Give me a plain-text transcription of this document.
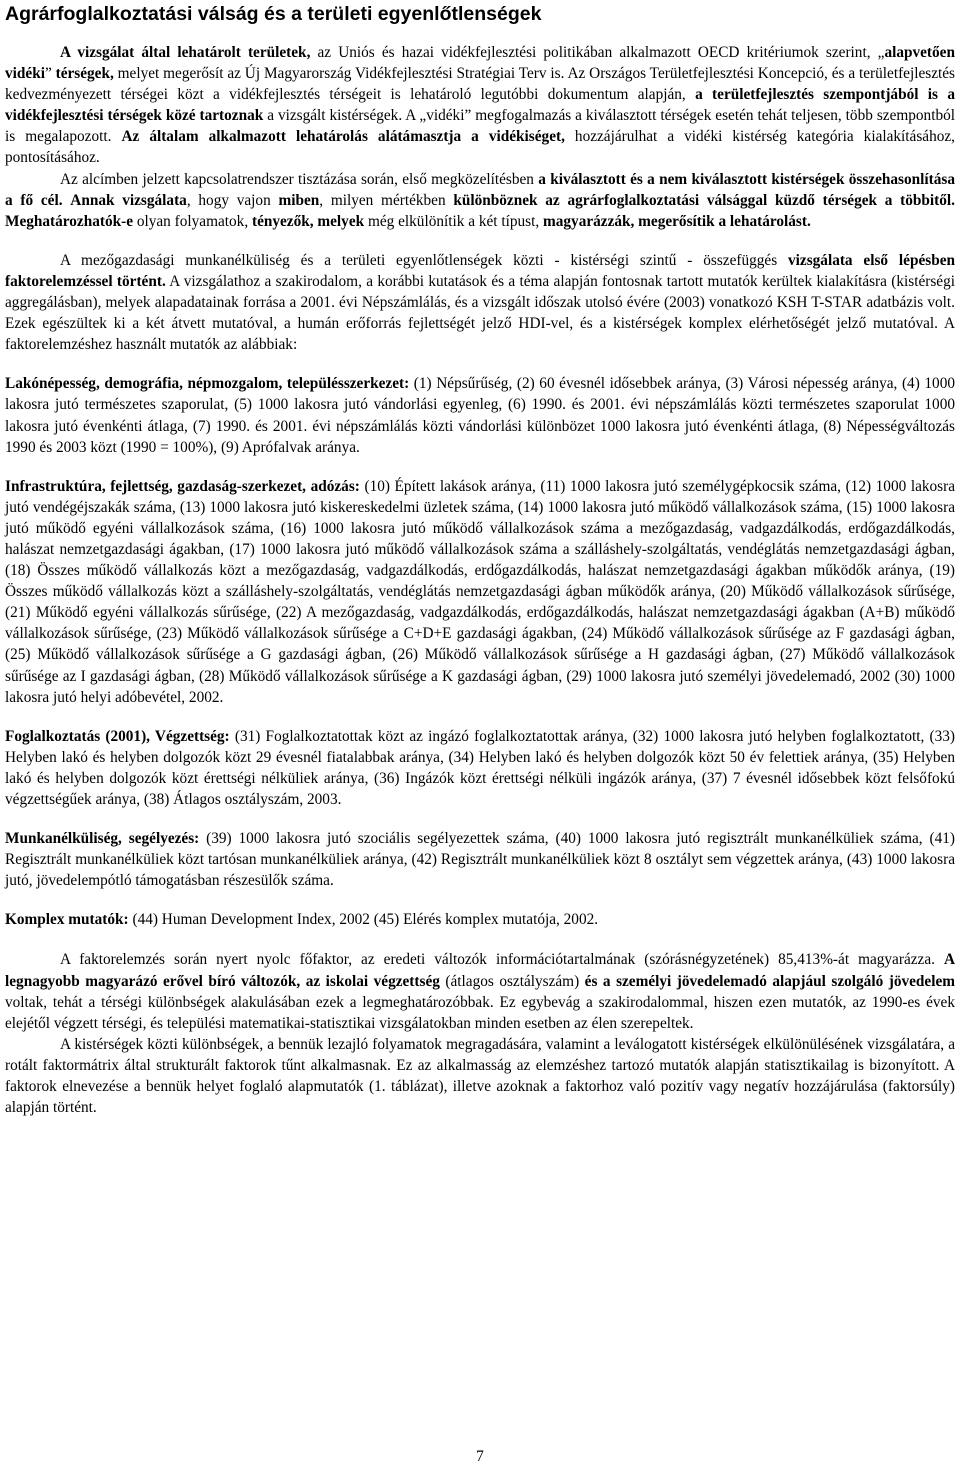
Agrárfoglalkoztatási válság és a területi egyenlőtlenségek

A vizsgálat által lehatárolt területek, az Uniós és hazai vidékfejlesztési politikában alkalmazott OECD kritériumok szerint, „alapvetően vidéki” térségek, melyet megerősít az Új Magyarország Vidékfejlesztési Stratégiai Terv is. Az Országos Területfejlesztési Koncepció, és a területfejlesztés kedvezményezett térségei közt a vidékfejlesztés térségeit is lehatároló legutóbbi dokumentum alapján, a területfejlesztés szempontjából is a vidékfejlesztési térségek közé tartoznak a vizsgált kistérségek. A „vidéki” megfogalmazás a kiválasztott térségek esetén tehát teljesen, több szempontból is megalapozott. Az általam alkalmazott lehatárolás alátámasztja a vidékiséget, hozzájárulhat a vidéki kistérség kategória kialakításához, pontosításához.

Az alcímben jelzett kapcsolatrendszer tisztázása során, első megközelítésben a kiválasztott és a nem kiválasztott kistérségek összehasonlítása a fő cél. Annak vizsgálata, hogy vajon miben, milyen mértékben különböznek az agrárfoglalkoztatási válsággal küzdő térségek a többitől. Meghatározhatók-e olyan folyamatok, tényezők, melyek még elkülönítik a két típust, magyarázzák, megerősítik a lehatárolást.

A mezőgazdasági munkanélküliség és a területi egyenlőtlenségek közti - kistérségi szintű - összefüggés vizsgálata első lépésben faktorelemzéssel történt. A vizsgálathoz a szakirodalom, a korábbi kutatások és a téma alapján fontosnak tartott mutatók kerültek kialakításra (kistérségi aggregálásban), melyek alapadatainak forrása a 2001. évi Népszámlálás, és a vizsgált időszak utolsó évére (2003) vonatkozó KSH T-STAR adatbázis volt. Ezek egészültek ki a két átvett mutatóval, a humán erőforrás fejlettségét jelző HDI-vel, és a kistérségek komplex elérhetőségét jelző mutatóval. A faktorelemzéshez használt mutatók az alábbiak:

Lakónépesség, demográfia, népmozgalom, településszerkezet: (1) Népsűrűség, (2) 60 évesnél idősebbek aránya, (3) Városi népesség aránya, (4) 1000 lakosra jutó természetes szaporulat, (5) 1000 lakosra jutó vándorlási egyenleg, (6) 1990. és 2001. évi népszámlálás közti természetes szaporulat 1000 lakosra jutó évenkénti átlaga, (7) 1990. és 2001. évi népszámlálás közti vándorlási különbözet 1000 lakosra jutó évenkénti átlaga, (8) Népességváltozás 1990 és 2003 közt (1990 = 100%), (9) Aprófalvak aránya.

Infrastruktúra, fejlettség, gazdaság-szerkezet, adózás: (10) Épített lakások aránya, (11) 1000 lakosra jutó személygépkocsik száma, (12) 1000 lakosra jutó vendégéjszakák száma, (13) 1000 lakosra jutó kiskereskedelmi üzletek száma, (14) 1000 lakosra jutó működő vállalkozások száma, (15) 1000 lakosra jutó működő egyéni vállalkozások száma, (16) 1000 lakosra jutó működő vállalkozások száma a mezőgazdaság, vadgazdálkodás, erdőgazdálkodás, halászat nemzetgazdasági ágakban, (17) 1000 lakosra jutó működő vállalkozások száma a szálláshely-szolgáltatás, vendéglátás nemzetgazdasági ágban, (18) Összes működő vállalkozás közt a mezőgazdaság, vadgazdálkodás, erdőgazdálkodás, halászat nemzetgazdasági ágakban működők aránya, (19) Összes működő vállalkozás közt a szálláshely-szolgáltatás, vendéglátás nemzetgazdasági ágban működők aránya, (20) Működő vállalkozások sűrűsége, (21) Működő egyéni vállalkozás sűrűsége, (22) A mezőgazdaság, vadgazdálkodás, erdőgazdálkodás, halászat nemzetgazdasági ágakban (A+B) működő vállalkozások sűrűsége, (23) Működő vállalkozások sűrűsége a C+D+E gazdasági ágakban, (24) Működő vállalkozások sűrűsége az F gazdasági ágban, (25) Működő vállalkozások sűrűsége a G gazdasági ágban, (26) Működő vállalkozások sűrűsége a H gazdasági ágban, (27) Működő vállalkozások sűrűsége az I gazdasági ágban, (28) Működő vállalkozások sűrűsége a K gazdasági ágban, (29) 1000 lakosra jutó személyi jövedelemadó, 2002 (30) 1000 lakosra jutó helyi adóbevétel, 2002.

Foglalkoztatás (2001), Végzettség: (31) Foglalkoztatottak közt az ingázó foglalkoztatottak aránya, (32) 1000 lakosra jutó helyben foglalkoztatott, (33) Helyben lakó és helyben dolgozók közt 29 évesnél fiatalabbak aránya, (34) Helyben lakó és helyben dolgozók közt 50 év felettiek aránya, (35) Helyben lakó és helyben dolgozók közt érettségi nélküliek aránya, (36) Ingázók közt érettségi nélküli ingázók aránya, (37) 7 évesnél idősebbek közt felsőfokú végzettségűek aránya, (38) Átlagos osztályszám, 2003.

Munkanélküliség, segélyezés: (39) 1000 lakosra jutó szociális segélyezettek száma, (40) 1000 lakosra jutó regisztrált munkanélküliek száma, (41) Regisztrált munkanélküliek közt tartósan munkanélküliek aránya, (42) Regisztrált munkanélküliek közt 8 osztályt sem végzettek aránya, (43) 1000 lakosra jutó, jövedelempótló támogatásban részesülők száma.

Komplex mutatók: (44) Human Development Index, 2002 (45) Elérés komplex mutatója, 2002.

A faktorelemzés során nyert nyolc főfaktor, az eredeti változók információtartalmának (szórásnégyzetének) 85,413%-át magyarázza. A legnagyobb magyarázó erővel bíró változók, az iskolai végzettség (átlagos osztályszám) és a személyi jövedelemadó alapjául szolgáló jövedelem voltak, tehát a térségi különbségek alakulásában ezek a legmeghatározóbbak. Ez egybevág a szakirodalommal, hiszen ezen mutatók, az 1990-es évek elejétől végzett térségi, és települési matematikai-statisztikai vizsgálatokban minden esetben az élen szerepeltek.

A kistérségek közti különbségek, a bennük lezajló folyamatok megragadására, valamint a leválogatott kistérségek elkülönülésének vizsgálatára, a rotált faktormátrix által strukturált faktorok tűnt alkalmasnak. Ez az alkalmasság az elemzéshez tartozó mutatók alapján statisztikailag is bizonyított. A faktorok elnevezése a bennük helyet foglaló alapmutatók (1. táblázat), illetve azoknak a faktorhoz való pozitív vagy negatív hozzájárulása (faktorsúly) alapján történt.

7
